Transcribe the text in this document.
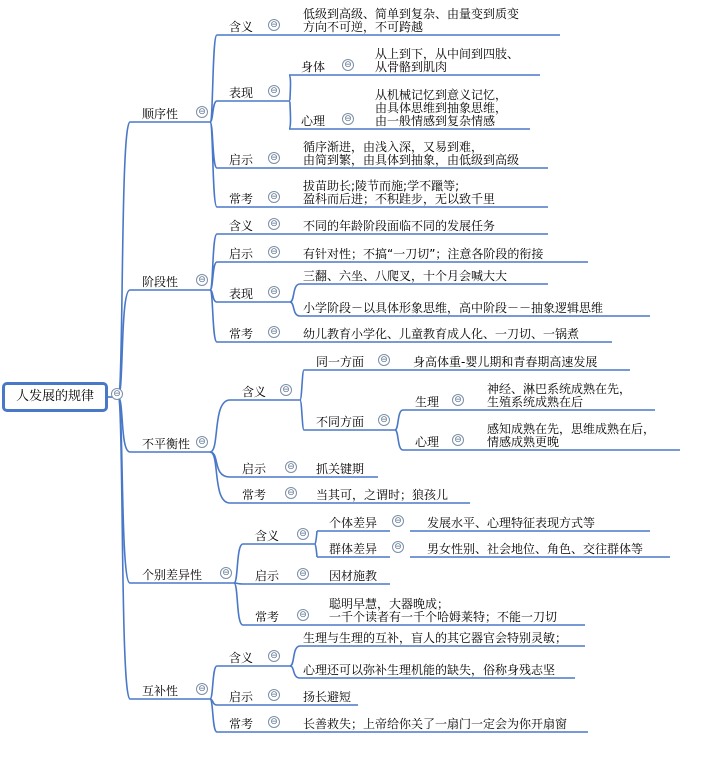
人发展的规律	⊖
顺序性 ⊖
阶段性 ⊖
不平衡性 ⊖
个别差异性 ⊖
互补性 ⊖
含义 ⊖
低级到高级、简单到复杂、由量变到质变
方向不可逆，不可跨越
表现 ⊖
身体 ⊖
从上到下，从中间到四肢、
从骨骼到肌肉
心理 ⊖
从机械记忆到意义记忆，
由具体思维到抽象思维，
由一般情感到复杂情感
启示 ⊖
循序渐进，由浅入深，又易到难，
由简到繁，由具体到抽象，由低级到高级
常考 ⊖
拔苗助长;陵节而施;学不躐等;
盈科而后进；不积跬步，无以致千里
含义 ⊖ 不同的年龄阶段面临不同的发展任务
启示 ⊖ 有针对性；不搞“一刀切”；注意各阶段的衔接
表现 ⊖
三翻、六坐、八爬叉，十个月会喊大大
小学阶段－以具体形象思维，高中阶段－－抽象逻辑思维
常考 ⊖ 幼儿教育小学化、儿童教育成人化、一刀切、一锅煮
含义 ⊖
同一方面 ⊖ 身高体重-婴儿期和青春期高速发展
不同方面 ⊖
生理 ⊖
神经、淋巴系统成熟在先，
生殖系统成熟在后
心理 ⊖
感知成熟在先，思维成熟在后，
情感成熟更晚
启示 ⊖ 抓关键期
常考 ⊖ 当其可，之谓时；狼孩儿
含义 ⊖
个体差异 ⊖ 发展水平、心理特征表现方式等
群体差异 ⊖ 男女性别、社会地位、角色、交往群体等
启示 ⊖ 因材施教
常考 ⊖
聪明早慧，大器晚成；
一千个读者有一千个哈姆莱特；不能一刀切
含义 ⊖
生理与生理的互补，盲人的其它器官会特别灵敏；
心理还可以弥补生理机能的缺失，俗称身残志坚
启示 ⊖ 扬长避短
常考 ⊖ 长善救失；上帝给你关了一扇门一定会为你开扇窗
